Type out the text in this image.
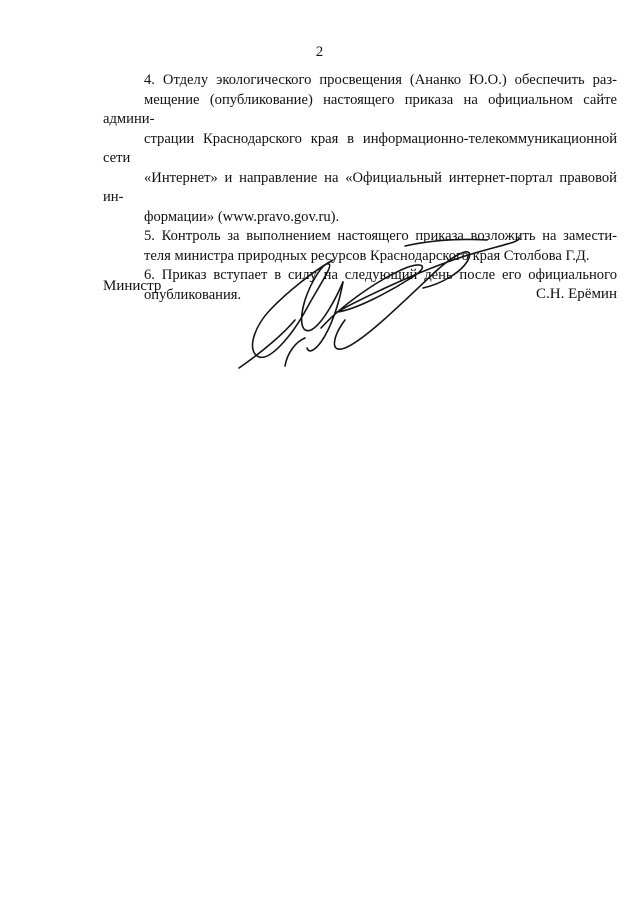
2

4. Отделу экологического просвещения (Ананко Ю.О.) обеспечить раз-
мещение (опубликование) настоящего приказа на официальном сайте админи-
страции Краснодарского края в информационно-телекоммуникационной сети
«Интернет» и направление на «Официальный интернет-портал правовой ин-
формации» (www.pravo.gov.ru).

5. Контроль за выполнением настоящего приказа возложить на замести-
теля министра природных ресурсов Краснодарского края Столбова Г.Д.

6. Приказ вступает в силу на следующий день после его официального
опубликования.

Министр	С.Н. Ерёмин
